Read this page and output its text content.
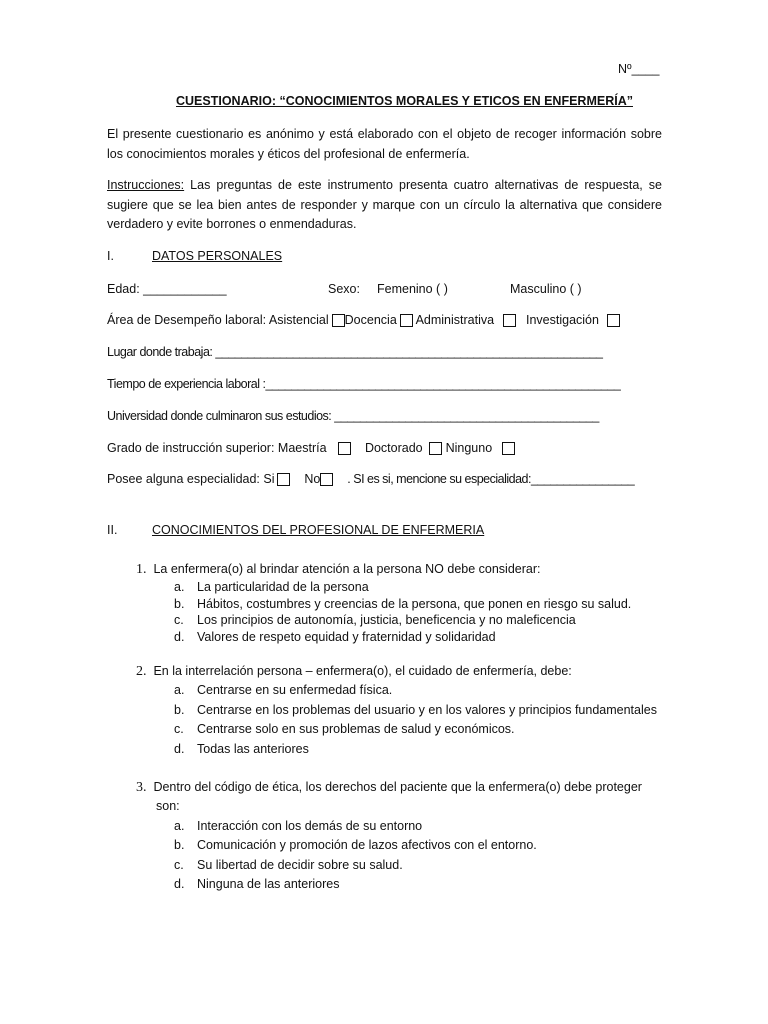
Nº____
CUESTIONARIO: “CONOCIMIENTOS MORALES Y ETICOS EN ENFERMERÍA”
El presente cuestionario es anónimo y está elaborado con el objeto de recoger información sobre los conocimientos morales y éticos del profesional de enfermería.
Instrucciones: Las preguntas de este instrumento presenta cuatro alternativas de respuesta, se sugiere que se lea bien antes de responder y marque con un círculo la alternativa que considere verdadero y evite borrones o enmendaduras.
I.	DATOS PERSONALES
Edad: ____________	Sexo: Femenino ( )	Masculino ( )
Área de Desempeño laboral: Asistencial Docencia Administrativa	Investigación
Lugar donde trabaja: ____________________________________________________________
Tiempo de experiencia laboral :_______________________________________________________
Universidad donde culminaron sus estudios: _________________________________________
Grado de instrucción superior: Maestría	Doctorado Ninguno
Posee alguna especialidad: Si No . SI es si, mencione su especialidad:________________
II.	CONOCIMIENTOS DEL PROFESIONAL DE ENFERMERIA
1. La enfermera(o) al brindar atención a la persona NO debe considerar:
a. La particularidad de la persona
b. Hábitos, costumbres y creencias de la persona, que ponen en riesgo su salud.
c. Los principios de autonomía, justicia, beneficencia y no maleficencia
d. Valores de respeto equidad y fraternidad y solidaridad
2. En la interrelación persona – enfermera(o), el cuidado de enfermería, debe:
a. Centrarse en su enfermedad física.
b. Centrarse en los problemas del usuario y en los valores y principios fundamentales
c. Centrarse solo en sus problemas de salud y económicos.
d. Todas las anteriores
3. Dentro del código de ética, los derechos del paciente que la enfermera(o) debe proteger
son:
a. Interacción con los demás de su entorno
b. Comunicación y promoción de lazos afectivos con el entorno.
c. Su libertad de decidir sobre su salud.
d. Ninguna de las anteriores
